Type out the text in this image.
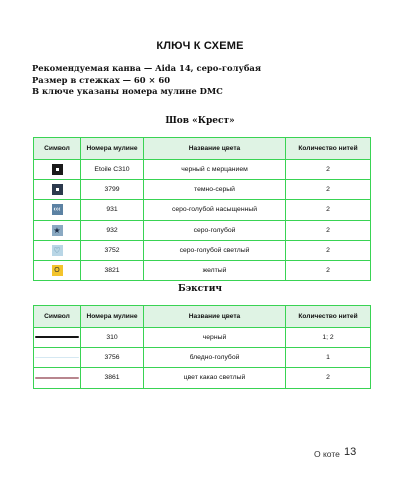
КЛЮЧ К СХЕМЕ
Рекомендуемая канва — Aida 14, серо-голубая
Размер в стежках — 60 × 60
В ключе указаны номера мулине DMC
Шов «Крест»
Символ	Номера мулине	Название цвета	Количество нитей
	Etoile C310	черный с мерцанием	2
	3799	темно-серый	2
‹‹‹	931	серо-голубой насыщенный	2
★	932	серо-голубой	2
♡	3752	серо-голубой светлый	2
O	3821	желтый	2
Бэкстич
Символ	Номера мулине	Название цвета	Количество нитей
	310	черный	1; 2
	3756	бледно-голубой	1
	3861	цвет какао светлый	2
О коте 13
